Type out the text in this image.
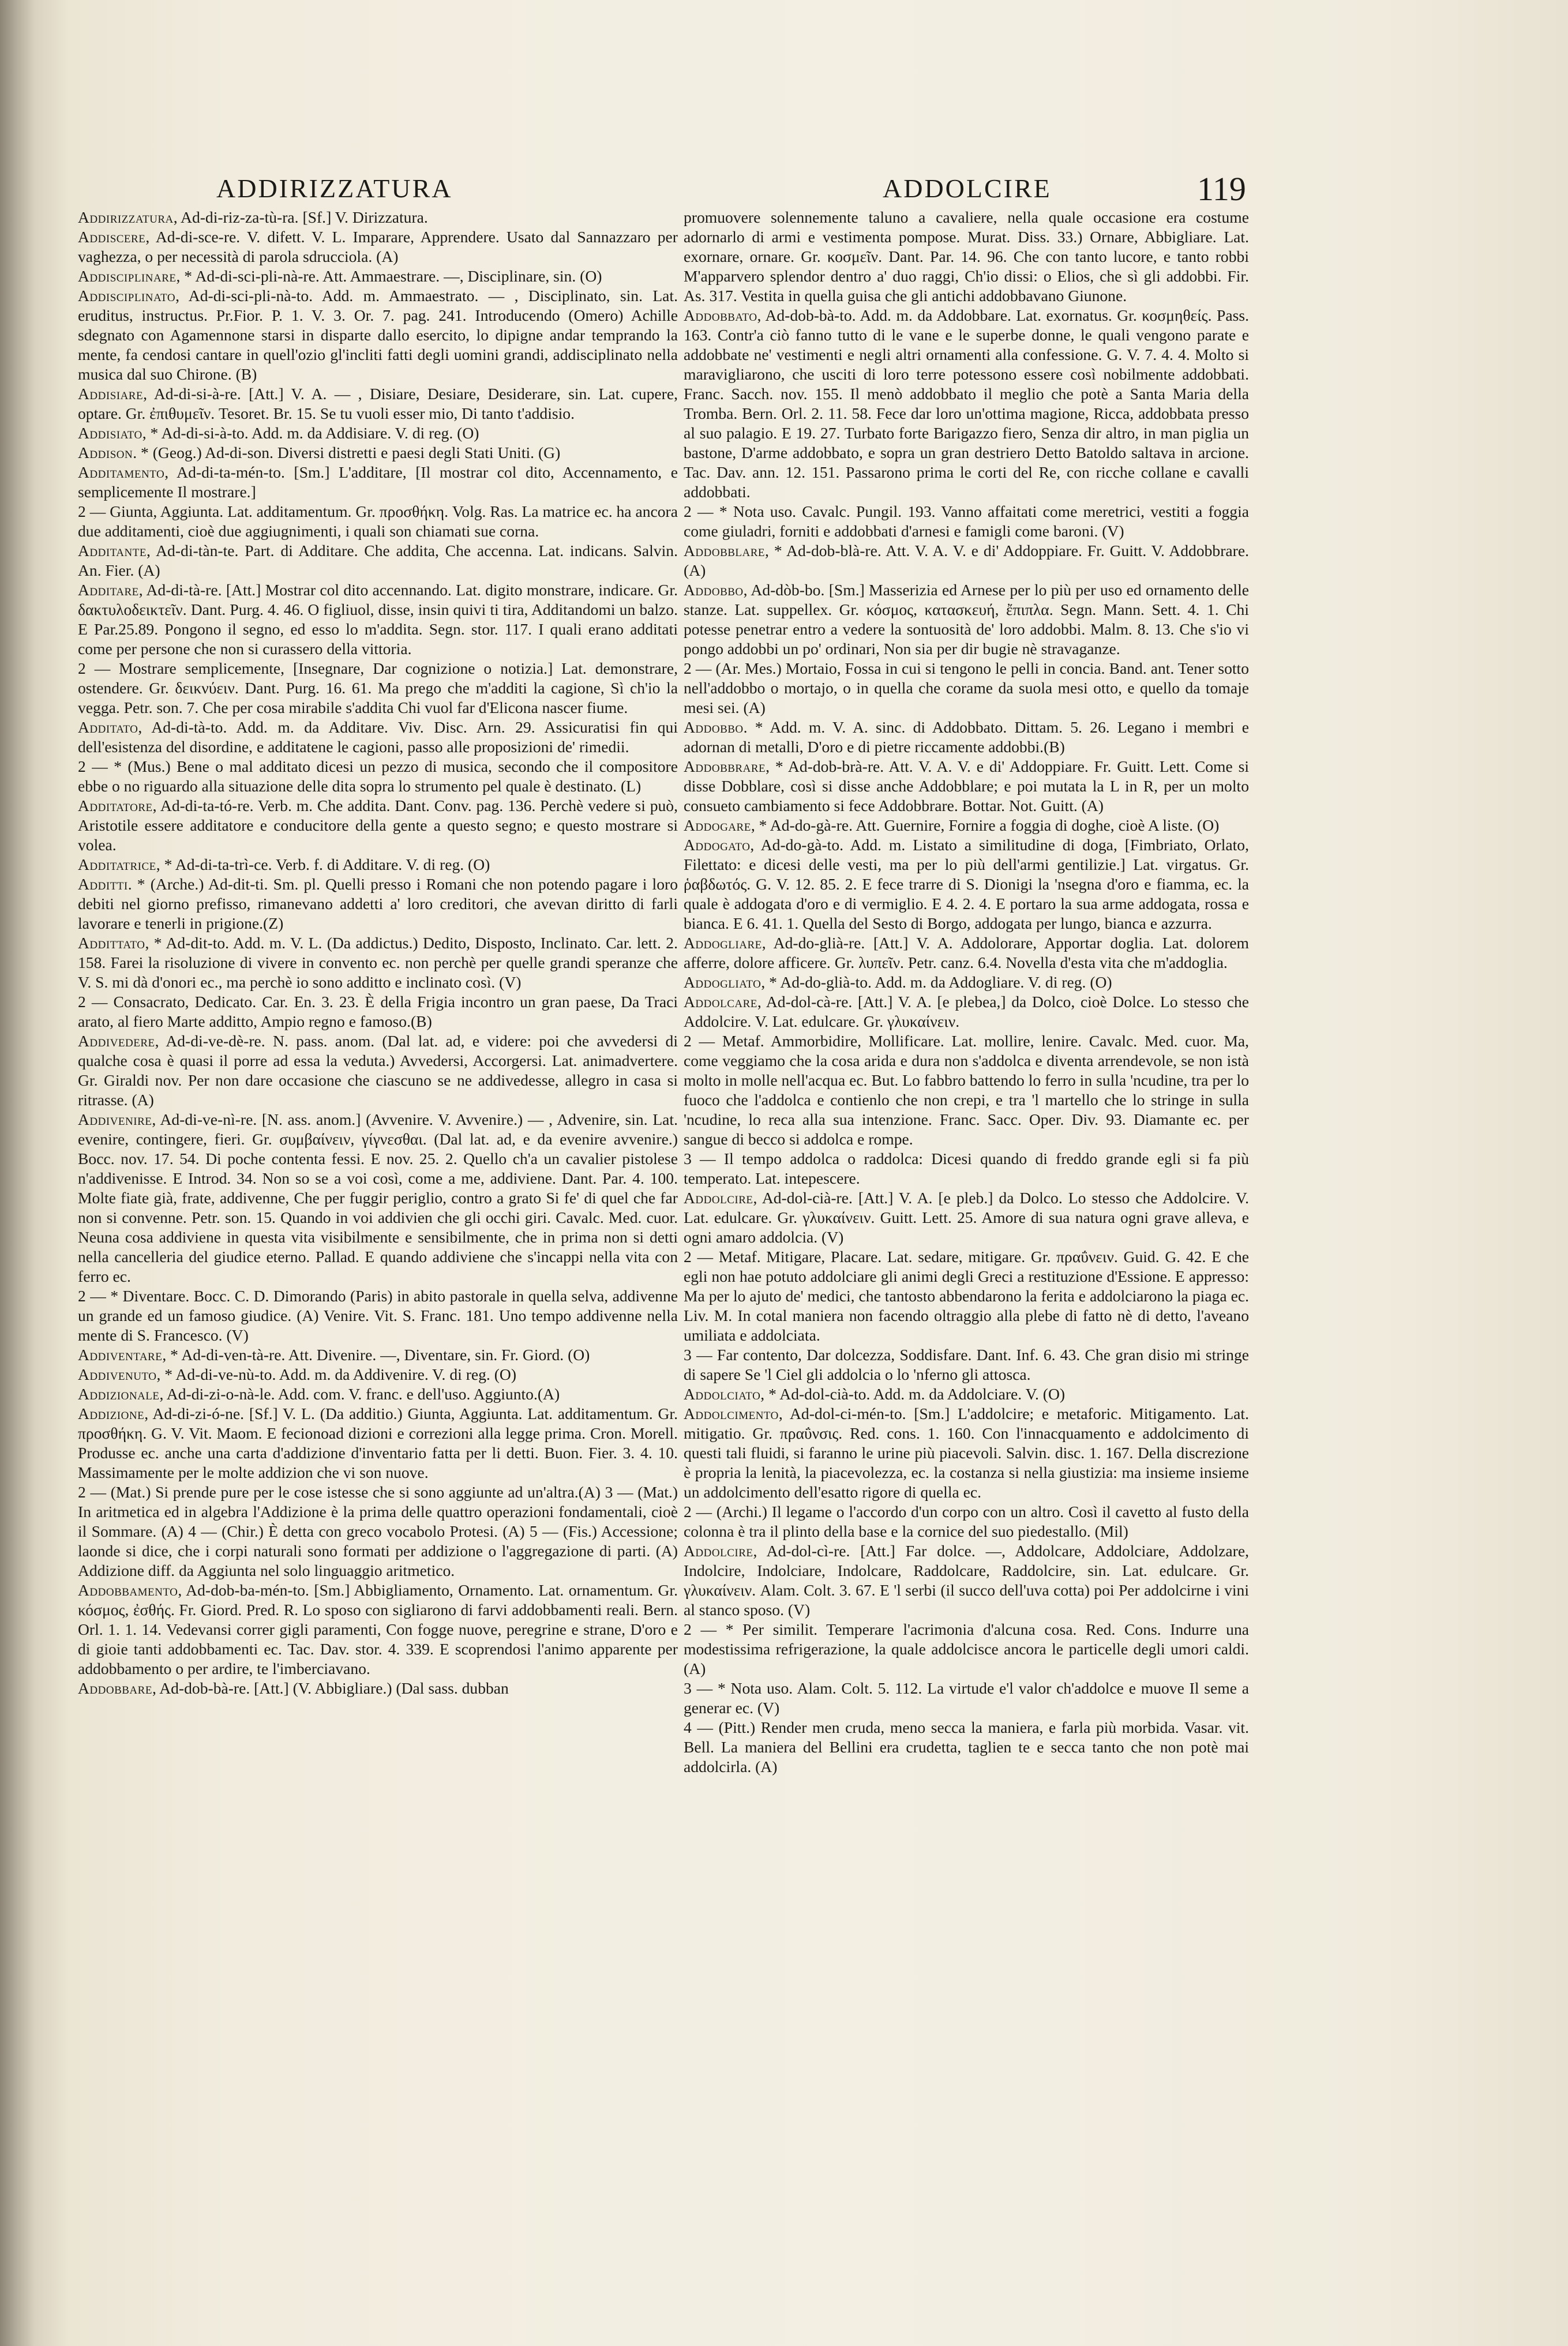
ADDIRIZZATURA	ADDOLCIRE	119

Addirizzatura, Ad-di-riz-za-tù-ra. [Sf.] V. Dirizzatura.

Addiscere, Ad-di-sce-re. V. difett. V. L. Imparare, Apprendere. Usato dal Sannazzaro per vaghezza, o per necessità di parola sdrucciola. (A)

Addisciplinare, * Ad-di-sci-pli-nà-re. Att. Ammaestrare. —, Disciplinare, sin. (O)

Addisciplinato, Ad-di-sci-pli-nà-to. Add. m. Ammaestrato. — , Disciplinato, sin. Lat. eruditus, instructus. Pr.Fior. P. 1. V. 3. Or. 7. pag. 241. Introducendo (Omero) Achille sdegnato con Agamennone starsi in disparte dallo esercito, lo dipigne andar temprando la mente, fa cendosi cantare in quell'ozio gl'incliti fatti degli uomini grandi, addisciplinato nella musica dal suo Chirone. (B)

Addisiare, Ad-di-si-à-re. [Att.] V. A. — , Disiare, Desiare, Desiderare, sin. Lat. cupere, optare. Gr. ἐπιθυμεῖν. Tesoret. Br. 15. Se tu vuoli esser mio, Di tanto t'addisio.

Addisiato, * Ad-di-si-à-to. Add. m. da Addisiare. V. di reg. (O)

Addison. * (Geog.) Ad-di-son. Diversi distretti e paesi degli Stati Uniti. (G)

Additamento, Ad-di-ta-mén-to. [Sm.] L'additare, [Il mostrar col dito, Accennamento, e semplicemente Il mostrare.]

2 — Giunta, Aggiunta. Lat. additamentum. Gr. προσθήκη. Volg. Ras. La matrice ec. ha ancora due additamenti, cioè due aggiugnimenti, i quali son chiamati sue corna.

Additante, Ad-di-tàn-te. Part. di Additare. Che addita, Che accenna. Lat. indicans. Salvin. An. Fier. (A)

Additare, Ad-di-tà-re. [Att.] Mostrar col dito accennando. Lat. digito monstrare, indicare. Gr. δακτυλοδεικτεῖν. Dant. Purg. 4. 46. O figliuol, disse, insin quivi ti tira, Additandomi un balzo. E Par.25.89. Pongono il segno, ed esso lo m'addita. Segn. stor. 117. I quali erano additati come per persone che non si curassero della vittoria.

2 — Mostrare semplicemente, [Insegnare, Dar cognizione o notizia.] Lat. demonstrare, ostendere. Gr. δεικνύειν. Dant. Purg. 16. 61. Ma prego che m'additi la cagione, Sì ch'io la vegga. Petr. son. 7. Che per cosa mirabile s'addita Chi vuol far d'Elicona nascer fiume.

Additato, Ad-di-tà-to. Add. m. da Additare. Viv. Disc. Arn. 29. Assicuratisi fin qui dell'esistenza del disordine, e additatene le cagioni, passo alle proposizioni de' rimedii.

2 — * (Mus.) Bene o mal additato dicesi un pezzo di musica, secondo che il compositore ebbe o no riguardo alla situazione delle dita sopra lo strumento pel quale è destinato. (L)

Additatore, Ad-di-ta-tó-re. Verb. m. Che addita. Dant. Conv. pag. 136. Perchè vedere si può, Aristotile essere additatore e conducitore della gente a questo segno; e questo mostrare si volea.

Additatrice, * Ad-di-ta-trì-ce. Verb. f. di Additare. V. di reg. (O)

Additti. * (Arche.) Ad-dit-ti. Sm. pl. Quelli presso i Romani che non potendo pagare i loro debiti nel giorno prefisso, rimanevano addetti a' loro creditori, che avevan diritto di farli lavorare e tenerli in prigione.(Z)

Addittato, * Ad-dit-to. Add. m. V. L. (Da addictus.) Dedito, Disposto, Inclinato. Car. lett. 2. 158. Farei la risoluzione di vivere in convento ec. non perchè per quelle grandi speranze che V. S. mi dà d'onori ec., ma perchè io sono additto e inclinato così. (V)

2 — Consacrato, Dedicato. Car. En. 3. 23. È della Frigia incontro un gran paese, Da Traci arato, al fiero Marte additto, Ampio regno e famoso.(B)

Addivedere, Ad-di-ve-dè-re. N. pass. anom. (Dal lat. ad, e videre: poi che avvedersi di qualche cosa è quasi il porre ad essa la veduta.) Avvedersi, Accorgersi. Lat. animadvertere. Gr. Giraldi nov. Per non dare occasione che ciascuno se ne addivedesse, allegro in casa si ritrasse. (A)

Addivenire, Ad-di-ve-nì-re. [N. ass. anom.] (Avvenire. V. Avvenire.) — , Advenire, sin. Lat. evenire, contingere, fieri. Gr. συμβαίνειν, γίγνεσθαι. (Dal lat. ad, e da evenire avvenire.) Bocc. nov. 17. 54. Di poche contenta fessi. E nov. 25. 2. Quello ch'a un cavalier pistolese n'addivenisse. E Introd. 34. Non so se a voi così, come a me, addiviene. Dant. Par. 4. 100. Molte fiate già, frate, addivenne, Che per fuggir periglio, contro a grato Si fe' di quel che far non si convenne. Petr. son. 15. Quando in voi addivien che gli occhi giri. Cavalc. Med. cuor. Neuna cosa addiviene in questa vita visibilmente e sensibilmente, che in prima non si detti nella cancelleria del giudice eterno. Pallad. E quando addiviene che s'incappi nella vita con ferro ec.

2 — * Diventare. Bocc. C. D. Dimorando (Paris) in abito pastorale in quella selva, addivenne un grande ed un famoso giudice. (A) Venire. Vit. S. Franc. 181. Uno tempo addivenne nella mente di S. Francesco. (V)

Addiventare, * Ad-di-ven-tà-re. Att. Divenire. —, Diventare, sin. Fr. Giord. (O)

Addivenuto, * Ad-di-ve-nù-to. Add. m. da Addivenire. V. di reg. (O)

Addizionale, Ad-di-zi-o-nà-le. Add. com. V. franc. e dell'uso. Aggiunto.(A)

Addizione, Ad-di-zi-ó-ne. [Sf.] V. L. (Da additio.) Giunta, Aggiunta. Lat. additamentum. Gr. προσθήκη. G. V. Vit. Maom. E fecionoad dizioni e correzioni alla legge prima. Cron. Morell. Produsse ec. anche una carta d'addizione d'inventario fatta per li detti. Buon. Fier. 3. 4. 10. Massimamente per le molte addizion che vi son nuove.

2 — (Mat.) Si prende pure per le cose istesse che si sono aggiunte ad un'altra.(A) 3 — (Mat.) In aritmetica ed in algebra l'Addizione è la prima delle quattro operazioni fondamentali, cioè il Sommare. (A) 4 — (Chir.) È detta con greco vocabolo Protesi. (A) 5 — (Fis.) Accessione; laonde si dice, che i corpi naturali sono formati per addizione o l'aggregazione di parti. (A) Addizione diff. da Aggiunta nel solo linguaggio aritmetico.

Addobbamento, Ad-dob-ba-mén-to. [Sm.] Abbigliamento, Ornamento. Lat. ornamentum. Gr. κόσμος, ἐσθής. Fr. Giord. Pred. R. Lo sposo con sigliarono di farvi addobbamenti reali. Bern. Orl. 1. 1. 14. Vedevansi correr gigli paramenti, Con fogge nuove, peregrine e strane, D'oro e di gioie tanti addobbamenti ec. Tac. Dav. stor. 4. 339. E scoprendosi l'animo apparente per addobbamento o per ardire, te l'imberciavano.

Addobbare, Ad-dob-bà-re. [Att.] (V. Abbigliare.) (Dal sass. dubban

promuovere solennemente taluno a cavaliere, nella quale occasione era costume adornarlo di armi e vestimenta pompose. Murat. Diss. 33.) Ornare, Abbigliare. Lat. exornare, ornare. Gr. κοσμεῖν. Dant. Par. 14. 96. Che con tanto lucore, e tanto robbi M'apparvero splendor dentro a' duo raggi, Ch'io dissi: o Elios, che sì gli addobbi. Fir. As. 317. Vestita in quella guisa che gli antichi addobbavano Giunone.

Addobbato, Ad-dob-bà-to. Add. m. da Addobbare. Lat. exornatus. Gr. κοσμηθείς. Pass. 163. Contr'a ciò fanno tutto di le vane e le superbe donne, le quali vengono parate e addobbate ne' vestimenti e negli altri ornamenti alla confessione. G. V. 7. 4. 4. Molto si maravigliarono, che usciti di loro terre potessono essere così nobilmente addobbati. Franc. Sacch. nov. 155. Il menò addobbato il meglio che potè a Santa Maria della Tromba. Bern. Orl. 2. 11. 58. Fece dar loro un'ottima magione, Ricca, addobbata presso al suo palagio. E 19. 27. Turbato forte Barigazzo fiero, Senza dir altro, in man piglia un bastone, D'arme addobbato, e sopra un gran destriero Detto Batoldo saltava in arcione. Tac. Dav. ann. 12. 151. Passarono prima le corti del Re, con ricche collane e cavalli addobbati.

2 — * Nota uso. Cavalc. Pungil. 193. Vanno affaitati come meretrici, vestiti a foggia come giuladri, forniti e addobbati d'arnesi e famigli come baroni. (V)

Addobblare, * Ad-dob-blà-re. Att. V. A. V. e di' Addoppiare. Fr. Guitt. V. Addobbrare. (A)

Addobbo, Ad-dòb-bo. [Sm.] Masserizia ed Arnese per lo più per uso ed ornamento delle stanze. Lat. suppellex. Gr. κόσμος, κατασκευή, ἔπιπλα. Segn. Mann. Sett. 4. 1. Chi potesse penetrar entro a vedere la sontuosità de' loro addobbi. Malm. 8. 13. Che s'io vi pongo addobbi un po' ordinari, Non sia per dir bugie nè stravaganze.

2 — (Ar. Mes.) Mortaio, Fossa in cui si tengono le pelli in concia. Band. ant. Tener sotto nell'addobbo o mortajo, o in quella che corame da suola mesi otto, e quello da tomaje mesi sei. (A)

Addobbo. * Add. m. V. A. sinc. di Addobbato. Dittam. 5. 26. Legano i membri e adornan di metalli, D'oro e di pietre riccamente addobbi.(B)

Addobbrare, * Ad-dob-brà-re. Att. V. A. V. e di' Addoppiare. Fr. Guitt. Lett. Come si disse Dobblare, così si disse anche Addobblare; e poi mutata la L in R, per un molto consueto cambiamento si fece Addobbrare. Bottar. Not. Guitt. (A)

Addogare, * Ad-do-gà-re. Att. Guernire, Fornire a foggia di doghe, cioè A liste. (O)

Addogato, Ad-do-gà-to. Add. m. Listato a similitudine di doga, [Fimbriato, Orlato, Filettato: e dicesi delle vesti, ma per lo più dell'armi gentilizie.] Lat. virgatus. Gr. ῥαβδωτός. G. V. 12. 85. 2. E fece trarre di S. Dionigi la 'nsegna d'oro e fiamma, ec. la quale è addogata d'oro e di vermiglio. E 4. 2. 4. E portaro la sua arme addogata, rossa e bianca. E 6. 41. 1. Quella del Sesto di Borgo, addogata per lungo, bianca e azzurra.

Addogliare, Ad-do-glià-re. [Att.] V. A. Addolorare, Apportar doglia. Lat. dolorem afferre, dolore afficere. Gr. λυπεῖν. Petr. canz. 6.4. Novella d'esta vita che m'addoglia.

Addogliato, * Ad-do-glià-to. Add. m. da Addogliare. V. di reg. (O)

Addolcare, Ad-dol-cà-re. [Att.] V. A. [e plebea,] da Dolco, cioè Dolce. Lo stesso che Addolcire. V. Lat. edulcare. Gr. γλυκαίνειν.

2 — Metaf. Ammorbidire, Mollificare. Lat. mollire, lenire. Cavalc. Med. cuor. Ma, come veggiamo che la cosa arida e dura non s'addolca e diventa arrendevole, se non istà molto in molle nell'acqua ec. But. Lo fabbro battendo lo ferro in sulla 'ncudine, tra per lo fuoco che l'addolca e contienlo che non crepi, e tra 'l martello che lo stringe in sulla 'ncudine, lo reca alla sua intenzione. Franc. Sacc. Oper. Div. 93. Diamante ec. per sangue di becco si addolca e rompe.

3 — Il tempo addolca o raddolca: Dicesi quando di freddo grande egli si fa più temperato. Lat. intepescere.

Addolcire, Ad-dol-cià-re. [Att.] V. A. [e pleb.] da Dolco. Lo stesso che Addolcire. V. Lat. edulcare. Gr. γλυκαίνειν. Guitt. Lett. 25. Amore di sua natura ogni grave alleva, e ogni amaro addolcia. (V)

2 — Metaf. Mitigare, Placare. Lat. sedare, mitigare. Gr. πραΰνειν. Guid. G. 42. E che egli non hae potuto addolciare gli animi degli Greci a restituzione d'Essione. E appresso: Ma per lo ajuto de' medici, che tantosto abbendarono la ferita e addolciarono la piaga ec. Liv. M. In cotal maniera non facendo oltraggio alla plebe di fatto nè di detto, l'aveano umiliata e addolciata.

3 — Far contento, Dar dolcezza, Soddisfare. Dant. Inf. 6. 43. Che gran disio mi stringe di sapere Se 'l Ciel gli addolcia o lo 'nferno gli attosca.

Addolciato, * Ad-dol-cià-to. Add. m. da Addolciare. V. (O)

Addolcimento, Ad-dol-ci-mén-to. [Sm.] L'addolcire; e metaforic. Mitigamento. Lat. mitigatio. Gr. πραΰνσις. Red. cons. 1. 160. Con l'innacquamento e addolcimento di questi tali fluidi, si faranno le urine più piacevoli. Salvin. disc. 1. 167. Della discrezione è propria la lenità, la piacevolezza, ec. la costanza si nella giustizia: ma insieme insieme un addolcimento dell'esatto rigore di quella ec.

2 — (Archi.) Il legame o l'accordo d'un corpo con un altro. Così il cavetto al fusto della colonna è tra il plinto della base e la cornice del suo piedestallo. (Mil)

Addolcire, Ad-dol-cì-re. [Att.] Far dolce. —, Addolcare, Addolciare, Addolzare, Indolcire, Indolciare, Indolcare, Raddolcare, Raddolcire, sin. Lat. edulcare. Gr. γλυκαίνειν. Alam. Colt. 3. 67. E 'l serbi (il succo dell'uva cotta) poi Per addolcirne i vini al stanco sposo. (V)

2 — * Per similit. Temperare l'acrimonia d'alcuna cosa. Red. Cons. Indurre una modestissima refrigerazione, la quale addolcisce ancora le particelle degli umori caldi. (A)

3 — * Nota uso. Alam. Colt. 5. 112. La virtude e'l valor ch'addolce e muove Il seme a generar ec. (V)

4 — (Pitt.) Render men cruda, meno secca la maniera, e farla più morbida. Vasar. vit. Bell. La maniera del Bellini era crudetta, taglien te e secca tanto che non potè mai addolcirla. (A)
